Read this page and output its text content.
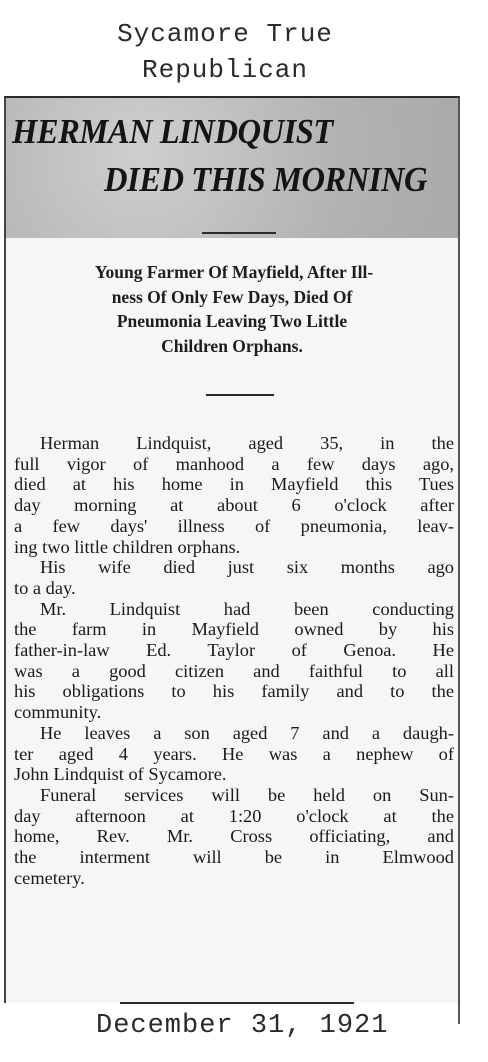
Sycamore True
Republican
HERMAN LINDQUIST
DIED THIS MORNING
Young Farmer Of Mayfield, After Ill-
ness Of Only Few Days, Died Of
Pneumonia Leaving Two Little
Children Orphans.
Herman Lindquist, aged 35, in the
full vigor of manhood a few days ago,
died at his home in Mayfield this Tues
day morning at about 6 o'clock after
a few days' illness of pneumonia, leav-
ing two little children orphans.
His wife died just six months ago
to a day.
Mr. Lindquist had been conducting
the farm in Mayfield owned by his
father-in-law Ed. Taylor of Genoa. He
was a good citizen and faithful to all
his obligations to his family and to the
community.
He leaves a son aged 7 and a daugh-
ter aged 4 years. He was a nephew of
John Lindquist of Sycamore.
Funeral services will be held on Sun-
day afternoon at 1:20 o'clock at the
home, Rev. Mr. Cross officiating, and
the interment will be in Elmwood
cemetery.
December 31, 1921
